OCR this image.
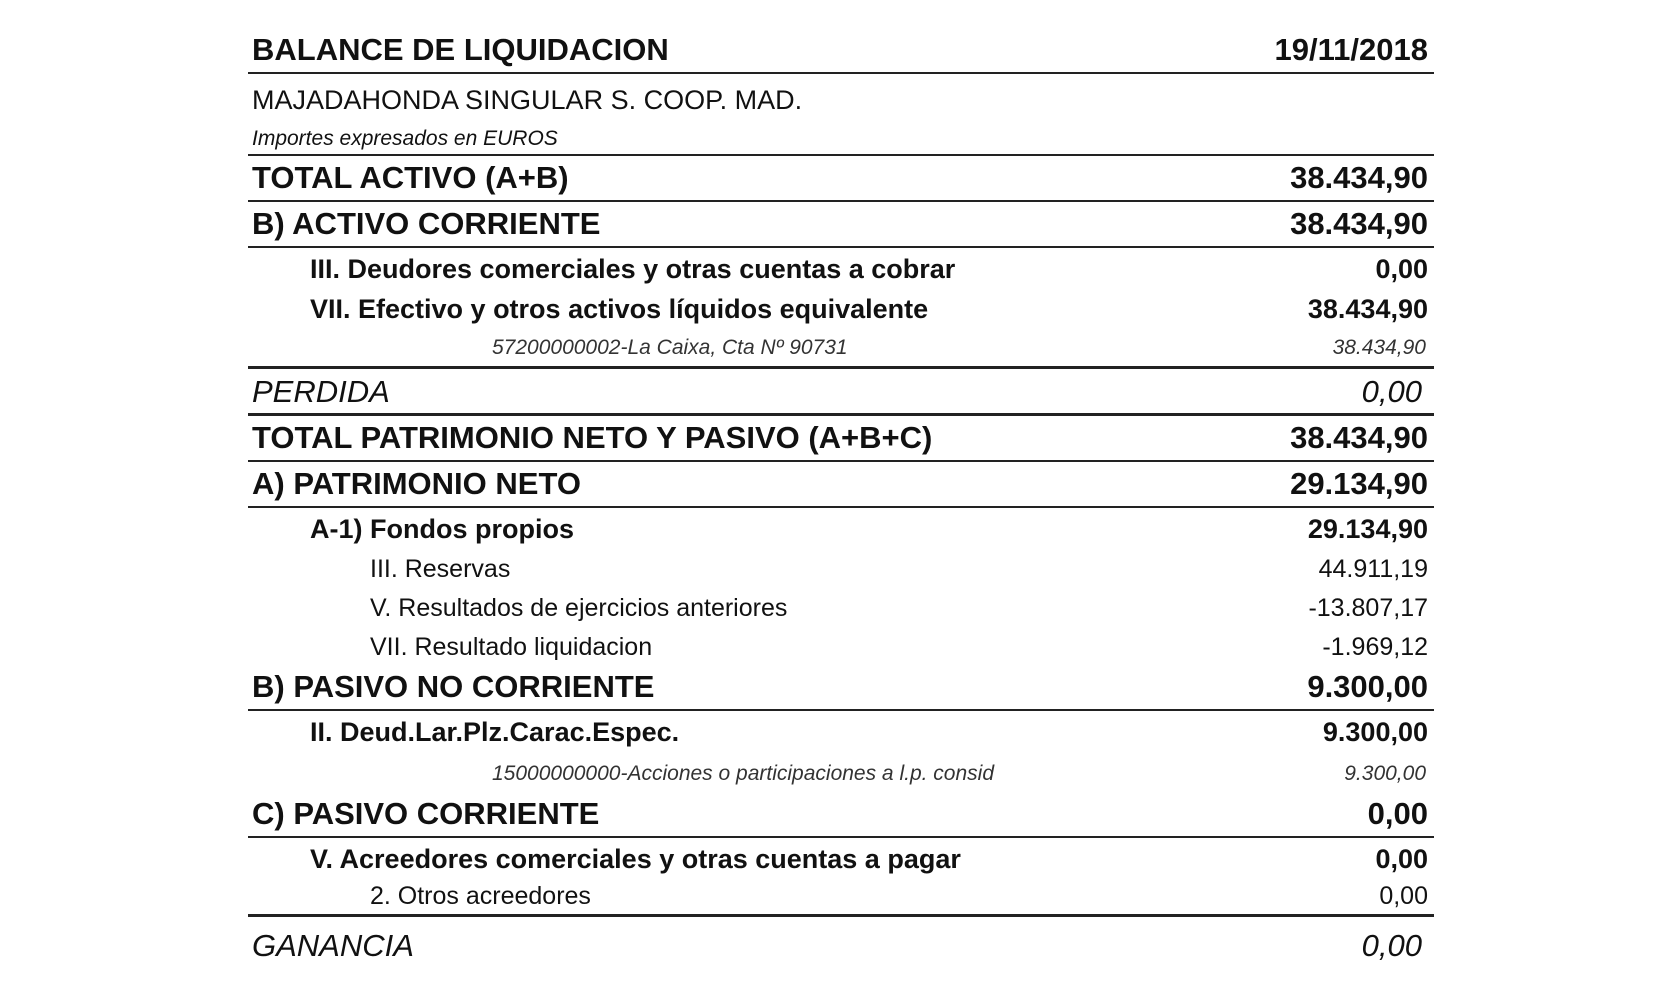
BALANCE DE LIQUIDACION	19/11/2018
MAJADAHONDA SINGULAR S. COOP. MAD.
Importes expresados en EUROS
TOTAL ACTIVO (A+B)	38.434,90
B) ACTIVO CORRIENTE	38.434,90
III. Deudores comerciales y otras cuentas a cobrar	0,00
VII. Efectivo y otros activos líquidos equivalente	38.434,90
57200000002-La Caixa, Cta Nº 90731	38.434,90
PERDIDA	0,00
TOTAL PATRIMONIO NETO Y PASIVO (A+B+C)	38.434,90
A) PATRIMONIO NETO	29.134,90
A-1) Fondos propios	29.134,90
III. Reservas	44.911,19
V. Resultados de ejercicios anteriores	-13.807,17
VII. Resultado liquidacion	-1.969,12
B) PASIVO NO CORRIENTE	9.300,00
II. Deud.Lar.Plz.Carac.Espec.	9.300,00
15000000000-Acciones o participaciones a l.p. consid	9.300,00
C) PASIVO CORRIENTE	0,00
V. Acreedores comerciales y otras cuentas a pagar	0,00
2. Otros acreedores	0,00
GANANCIA	0,00
